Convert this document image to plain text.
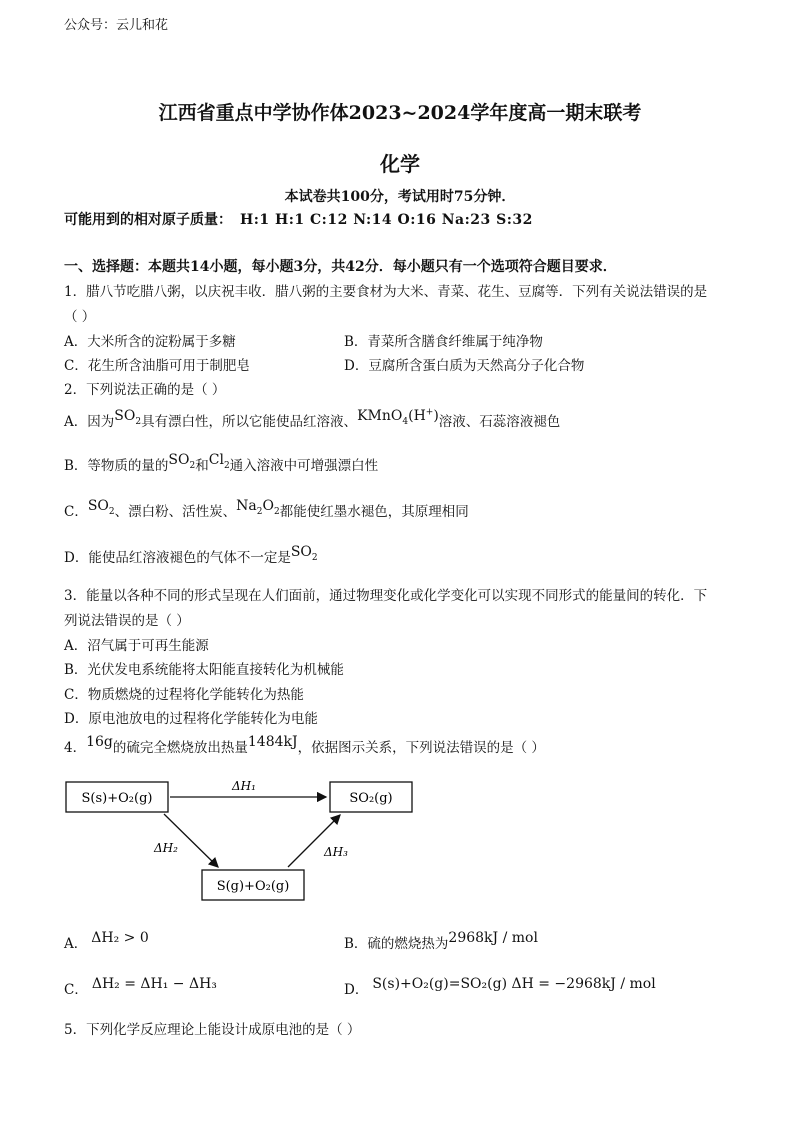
公众号：云儿和花
江西省重点中学协作体2023~2024学年度高一期末联考
化学
本试卷共100分，考试用时75分钟．
可能用到的相对原子质量： H:1 H:1 C:12 N:14 O:16 Na:23 S:32
一、选择题：本题共14小题，每小题3分，共42分．每小题只有一个选项符合题目要求．
1．腊八节吃腊八粥，以庆祝丰收．腊八粥的主要食材为大米、青菜、花生、豆腐等．下列有关说法错误的是
（ ）
A．大米所含的淀粉属于多糖	B．青菜所含膳食纤维属于纯净物
C．花生所含油脂可用于制肥皂	D．豆腐所含蛋白质为天然高分子化合物
2．下列说法正确的是（ ）
A．因为$SO_2$具有漂白性，所以它能使品红溶液、KMnO$_4$(H+)溶液、石蕊溶液褪色
B．等物质的量的$SO_2$和$Cl_2$通入溶液中可增强漂白性
C．$SO_2$、漂白粉、活性炭、$Na_2O_2$都能使红墨水褪色，其原理相同
D．能使品红溶液褪色的气体不一定是$SO_2$
3．能量以各种不同的形式呈现在人们面前，通过物理变化或化学变化可以实现不同形式的能量间的转化．下
列说法错误的是（ ）
A．沼气属于可再生能源
B．光伏发电系统能将太阳能直接转化为机械能
C．物质燃烧的过程将化学能转化为热能
D．原电池放电的过程将化学能转化为电能
4．16g的硫完全燃烧放出热量1484kJ，依据图示关系，下列说法错误的是（ ）
S(s)+O₂(g)	SO₂(g)
S(g)+O₂(g)
ΔH₁
ΔH₂	ΔH₃
A． ΔH₂ > 0	B．硫的燃烧热为2968kJ / mol
C． ΔH₂ = ΔH₁ − ΔH₃	D． S(s)+O₂(g)=SO₂(g) ΔH = −2968kJ / mol
5．下列化学反应理论上能设计成原电池的是（ ）
